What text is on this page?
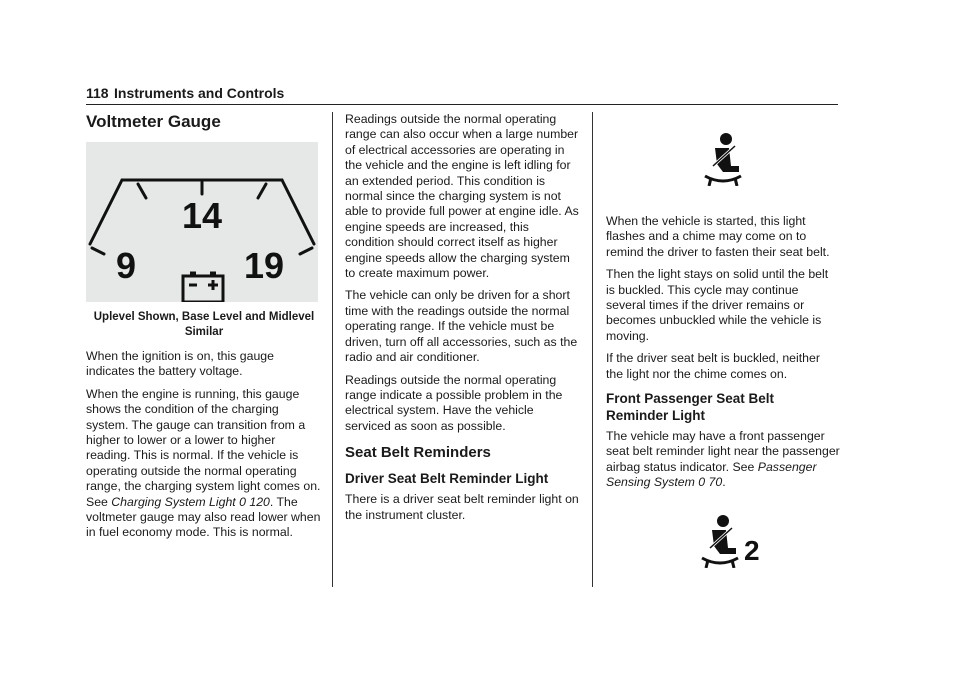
118 Instruments and Controls
Voltmeter Gauge
14
9	19
Uplevel Shown, Base Level and Midlevel Similar

When the ignition is on, this gauge indicates the battery voltage.

When the engine is running, this gauge shows the condition of the charging system. The gauge can transition from a higher to lower or a lower to higher reading. This is normal. If the vehicle is operating outside the normal operating range, the charging system light comes on. See Charging System Light 0 120. The voltmeter gauge may also read lower when in fuel economy mode. This is normal.

Readings outside the normal operating range can also occur when a large number of electrical accessories are operating in the vehicle and the engine is left idling for an extended period. This condition is normal since the charging system is not able to provide full power at engine idle. As engine speeds are increased, this condition should correct itself as higher engine speeds allow the charging system to create maximum power.

The vehicle can only be driven for a short time with the readings outside the normal operating range. If the vehicle must be driven, turn off all accessories, such as the radio and air conditioner.

Readings outside the normal operating range indicate a possible problem in the electrical system. Have the vehicle serviced as soon as possible.

Seat Belt Reminders
Driver Seat Belt Reminder Light

There is a driver seat belt reminder light on the instrument cluster.

When the vehicle is started, this light flashes and a chime may come on to remind the driver to fasten their seat belt.

Then the light stays on solid until the belt is buckled. This cycle may continue several times if the driver remains or becomes unbuckled while the vehicle is moving.

If the driver seat belt is buckled, neither the light nor the chime comes on.

Front Passenger Seat Belt Reminder Light

The vehicle may have a front passenger seat belt reminder light near the passenger airbag status indicator. See Passenger Sensing System 0 70.

2
